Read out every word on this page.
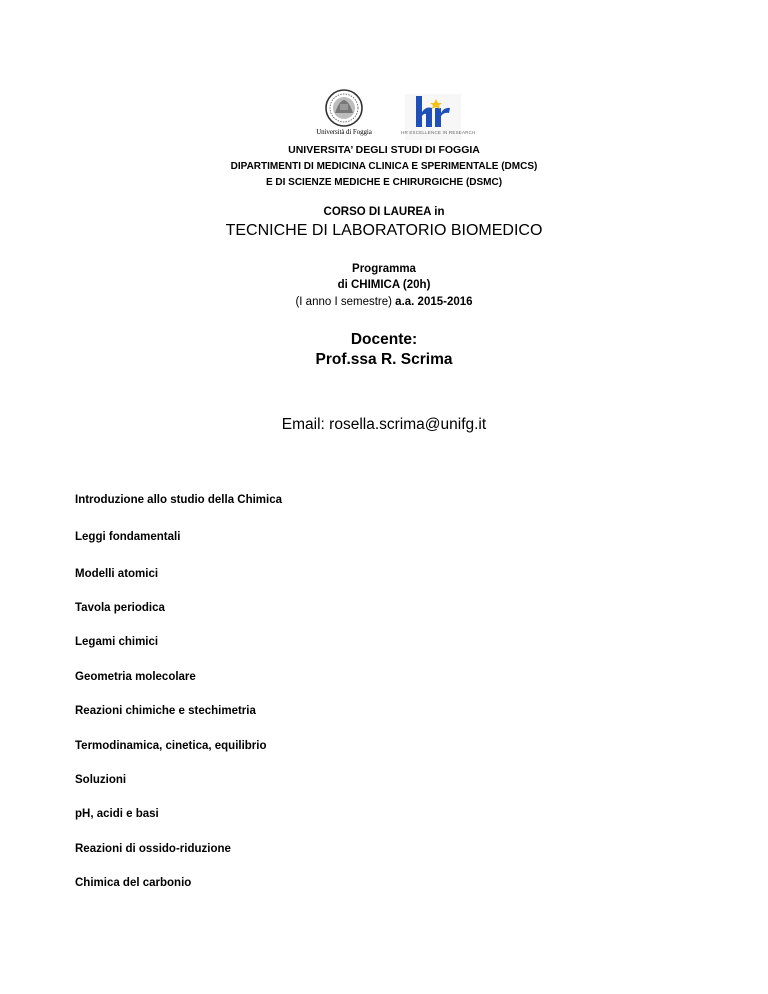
Università di Foggia	HR EXCELLENCE IN RESEARCH
UNIVERSITA’ DEGLI STUDI DI FOGGIA
DIPARTIMENTI DI MEDICINA CLINICA E SPERIMENTALE (DMCS)
E DI SCIENZE MEDICHE E CHIRURGICHE (DSMC)
CORSO DI LAUREA in
TECNICHE DI LABORATORIO BIOMEDICO
Programma
di CHIMICA (20h)
(I anno I semestre) a.a. 2015-2016
Docente:
Prof.ssa R. Scrima
Email: rosella.scrima@unifg.it
Introduzione allo studio della Chimica
Leggi fondamentali
Modelli atomici
Tavola periodica
Legami chimici
Geometria molecolare
Reazioni chimiche e stechimetria
Termodinamica, cinetica, equilibrio
Soluzioni
pH, acidi e basi
Reazioni di ossido-riduzione
Chimica del carbonio
